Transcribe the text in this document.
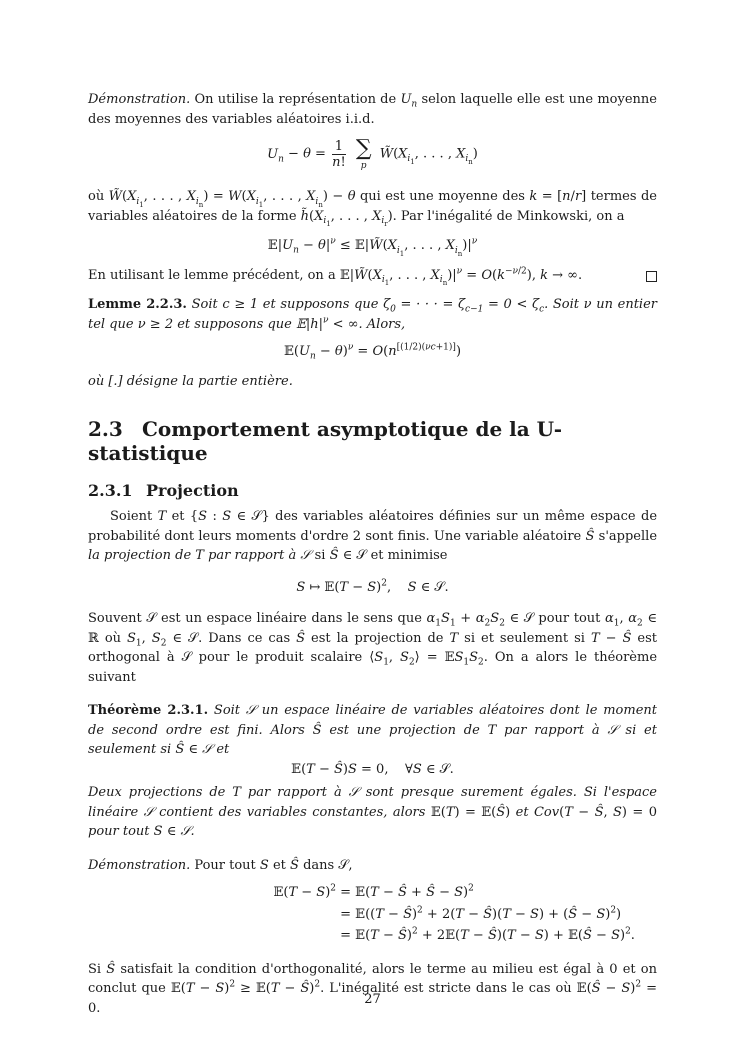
Démonstration. On utilise la représentation de $U_n$ selon laquelle elle est une moyenne des moyennes des variables aléatoires i.i.d.

$U_n - \theta = \frac{1}{n!}$
∑
p
$W̃(X_{i_1}$, . . . , $X_{i_n}$)

où $W̃(X_{i_1}$, . . . , $X_{i_n}) = W(X_{i_1}$, . . . , $X_{i_n}) - \theta$ qui est une moyenne des k = [n/r] termes de variables aléatoires de la forme $h̃(X_{i_1}$, . . . , $X_{i_r}$). Par l'inégalité de Minkowski, on a

$𝔼|U_n - \theta|^\nu$ ≤ $𝔼|W̃(X_{i_1}$, . . . , $X_{i_n})|^\nu$

En utilisant le lemme précédent, on a $𝔼|W̃(X_{i_1}$, . . . , $X_{i_n})|^\nu = O(k^{-\nu/2})$, k → ∞.

Lemme 2.2.3. Soit c ≥ 1 et supposons que $\zeta_0$ = · · · = $\zeta_{c-1} = 0 < \zeta_c$. Soit ν un entier tel que ν ≥ 2 et supposons que $𝔼|h|^\nu$ < ∞. Alors,

$𝔼(U_n - \theta)^\nu = O(n[(1/2)(\nu c+1)])$

où [.] désigne la partie entière.

2.3 Comportement asymptotique de la U-statistique
2.3.1 Projection

Soient T et {S : S ∈ 𝒮} des variables aléatoires définies sur un même espace de probabilité dont leurs moments d'ordre 2 sont finis. Une variable aléatoire Ŝ s'appelle la projection de T par rapport à 𝒮 si Ŝ ∈ 𝒮 et minimise

S ↦ 𝔼(T − S)$^2$,    S ∈ 𝒮.

Souvent 𝒮 est un espace linéaire dans le sens que $\alpha_1S_1 + \alpha_2S_2$ ∈ 𝒮 pour tout $\alpha_1$, $\alpha_2$ ∈ ℝ où $S_1$, $S_2$ ∈ 𝒮. Dans ce cas Ŝ est la projection de T si et seulement si T − Ŝ est orthogonal à 𝒮 pour le produit scalaire $⟨S_1$, $S_2⟩$ = $𝔼S_1S_2$. On a alors le théorème suivant

Théorème 2.3.1. Soit 𝒮 un espace linéaire de variables aléatoires dont le moment de second ordre est fini. Alors Ŝ est une projection de T par rapport à 𝒮 si et seulement si Ŝ ∈ 𝒮 et

𝔼(T − Ŝ)S = 0,    ∀S ∈ 𝒮.

Deux projections de T par rapport à 𝒮 sont presque surement égales. Si l'espace linéaire 𝒮 contient des variables constantes, alors 𝔼(T) = 𝔼(Ŝ) et Cov(T − Ŝ, S) = 0 pour tout S ∈ 𝒮.

Démonstration. Pour tout S et Ŝ dans 𝒮,

𝔼(T − S)$^2$ = 𝔼(T − Ŝ + Ŝ − S)$^2$
= 𝔼((T − Ŝ)$^2$ + 2(T − Ŝ)(T − S) + (Ŝ − S)$^2$)
= 𝔼(T − Ŝ)$^2$ + 2𝔼(T − Ŝ)(T − S) + 𝔼(Ŝ − S)$^2$.

Si Ŝ satisfait la condition d'orthogonalité, alors le terme au milieu est égal à 0 et on conclut que 𝔼(T − S)$^2$ ≥ 𝔼(T − Ŝ)$^2$. L'inégalité est stricte dans le cas où 𝔼(Ŝ − S)$^2$ = 0.

27
